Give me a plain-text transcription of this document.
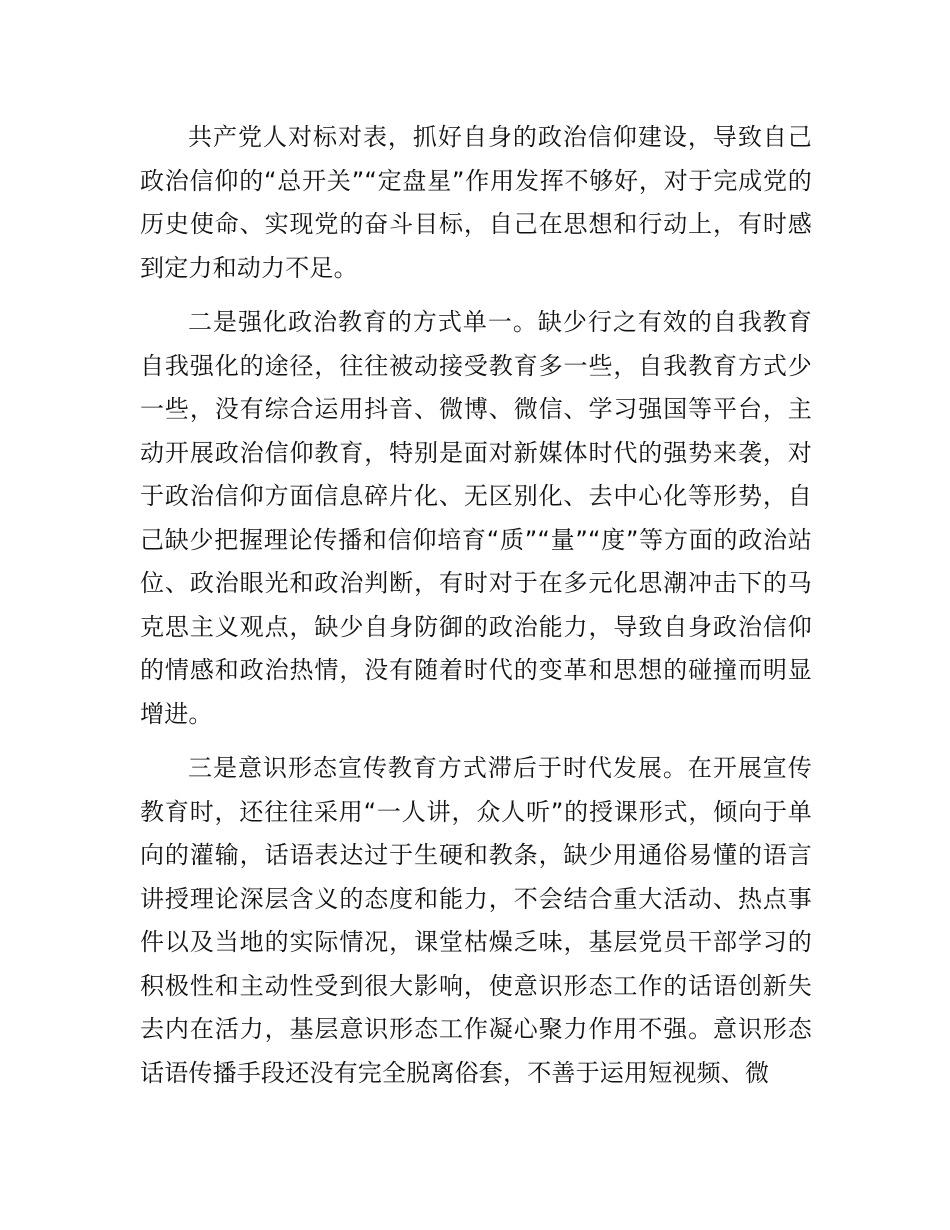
共产党人对标对表，抓好自身的政治信仰建设，导致自己政治信仰的“总开关”“定盘星”作用发挥不够好，对于完成党的历史使命、实现党的奋斗目标，自己在思想和行动上，有时感到定力和动力不足。

二是强化政治教育的方式单一。缺少行之有效的自我教育自我强化的途径，往往被动接受教育多一些，自我教育方式少一些，没有综合运用抖音、微博、微信、学习强国等平台，主动开展政治信仰教育，特别是面对新媒体时代的强势来袭，对于政治信仰方面信息碎片化、无区别化、去中心化等形势，自己缺少把握理论传播和信仰培育“质”“量”“度”等方面的政治站位、政治眼光和政治判断，有时对于在多元化思潮冲击下的马克思主义观点，缺少自身防御的政治能力，导致自身政治信仰的情感和政治热情，没有随着时代的变革和思想的碰撞而明显增进。

三是意识形态宣传教育方式滞后于时代发展。在开展宣传教育时，还往往采用“一人讲，众人听”的授课形式，倾向于单向的灌输，话语表达过于生硬和教条，缺少用通俗易懂的语言讲授理论深层含义的态度和能力，不会结合重大活动、热点事件以及当地的实际情况，课堂枯燥乏味，基层党员干部学习的积极性和主动性受到很大影响，使意识形态工作的话语创新失去内在活力，基层意识形态工作凝心聚力作用不强。意识形态话语传播手段还没有完全脱离俗套，不善于运用短视频、微
